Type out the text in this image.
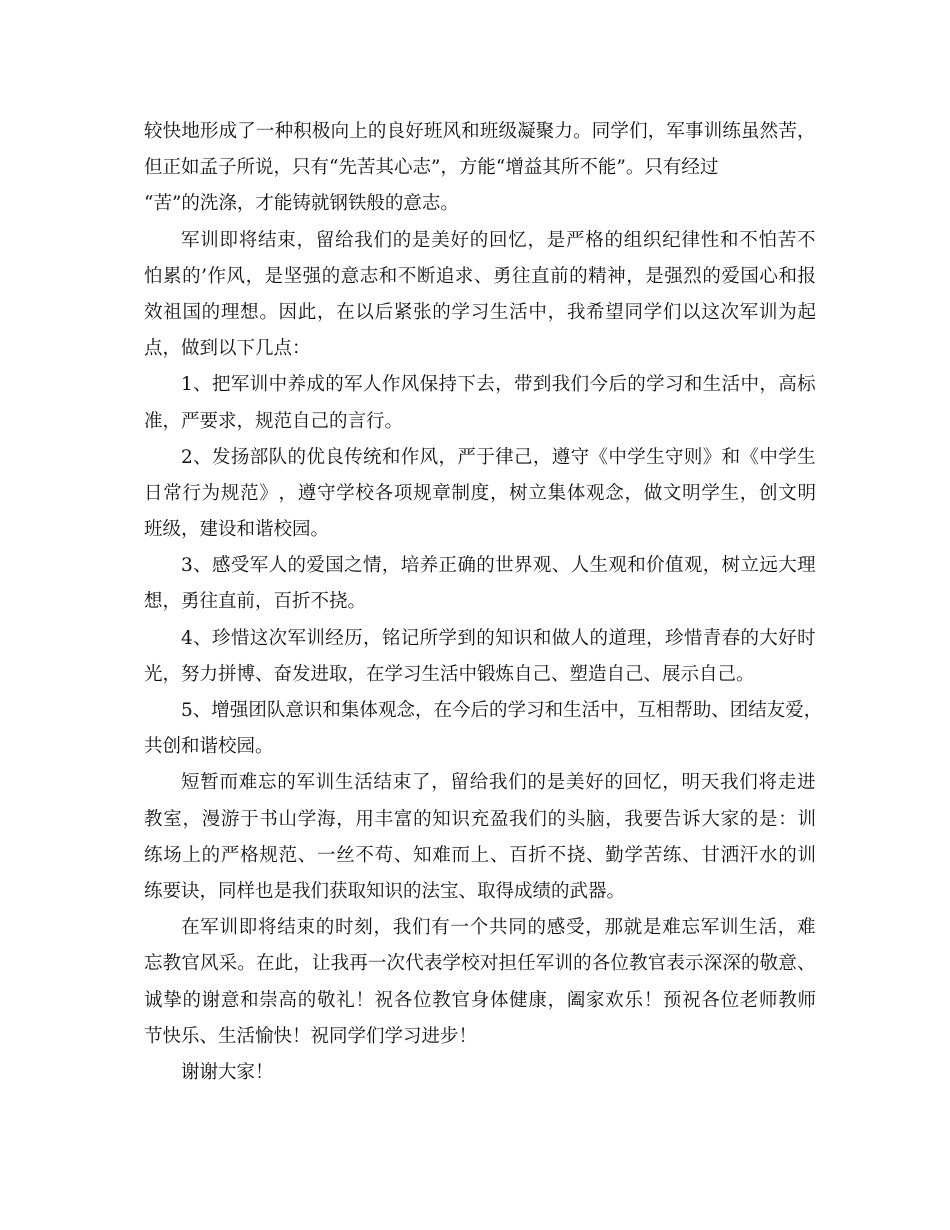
较 快 地 形 成 了 一 种 积 极 向 上 的 良 好 班 风 和 班 级 凝 聚 力 。 同 学 们 ， 军 事 训 练 虽 然 苦 ，
但正如孟子所说，只有“先苦其心志”，方能“增益其所不能”。只有经过
“苦”的洗涤，才能铸就钢铁般的意志。
军 训 即 将 结 束 ， 留 给 我 们 的 是 美 好 的 回 忆 ， 是 严 格 的 组 织 纪 律 性 和 不 怕 苦 不
怕 累 的 ’ 作 风 ， 是 坚 强 的 意 志 和 不 断 追 求 、 勇 往 直 前 的 精 神 ， 是 强 烈 的 爱 国 心 和 报
效 祖 国 的 理 想 。 因 此 ， 在 以 后 紧 张 的 学 习 生 活 中 ， 我 希 望 同 学 们 以 这 次 军 训 为 起
点，做到以下几点：
1 、 把 军 训 中 养 成 的 军 人 作 风 保 持 下 去 ， 带 到 我 们 今 后 的 学 习 和 生 活 中 ， 高 标
准，严要求，规范自己的言行。
2 、 发 扬 部 队 的 优 良 传 统 和 作 风 ， 严 于 律 己 ， 遵 守 《 中 学 生 守 则 》 和 《 中 学 生
日 常 行 为 规 范 》 ， 遵 守 学 校 各 项 规 章 制 度 ， 树 立 集 体 观 念 ， 做 文 明 学 生 ， 创 文 明
班级，建设和谐校园。
3 、 感 受 军 人 的 爱 国 之 情 ， 培 养 正 确 的 世 界 观 、 人 生 观 和 价 值 观 ， 树 立 远 大 理
想，勇往直前，百折不挠。
4 、 珍 惜 这 次 军 训 经 历 ， 铭 记 所 学 到 的 知 识 和 做 人 的 道 理 ， 珍 惜 青 春 的 大 好 时
光，努力拼博、奋发进取，在学习生活中锻炼自己、塑造自己、展示自己。
5 、 增 强 团 队 意 识 和 集 体 观 念 ， 在 今 后 的 学 习 和 生 活 中 ， 互 相 帮 助 、 团 结 友 爱 ，
共创和谐校园。
短 暂 而 难 忘 的 军 训 生 活 结 束 了 ， 留 给 我 们 的 是 美 好 的 回 忆 ， 明 天 我 们 将 走 进
教 室 ， 漫 游 于 书 山 学 海 ， 用 丰 富 的 知 识 充 盈 我 们 的 头 脑 ， 我 要 告 诉 大 家 的 是 ： 训
练 场 上 的 严 格 规 范 、 一 丝 不 苟 、 知 难 而 上 、 百 折 不 挠 、 勤 学 苦 练 、 甘 洒 汗 水 的 训
练要诀，同样也是我们获取知识的法宝、取得成绩的武器。
在 军 训 即 将 结 束 的 时 刻 ， 我 们 有 一 个 共 同 的 感 受 ， 那 就 是 难 忘 军 训 生 活 ， 难
忘 教 官 风 采 。 在 此 ， 让 我 再 一 次 代 表 学 校 对 担 任 军 训 的 各 位 教 官 表 示 深 深 的 敬 意 、
诚 挚 的 谢 意 和 崇 高 的 敬 礼 ！ 祝 各 位 教 官 身 体 健 康 ， 阖 家 欢 乐 ！ 预 祝 各 位 老 师 教 师
节快乐、生活愉快！祝同学们学习进步！
谢谢大家！
